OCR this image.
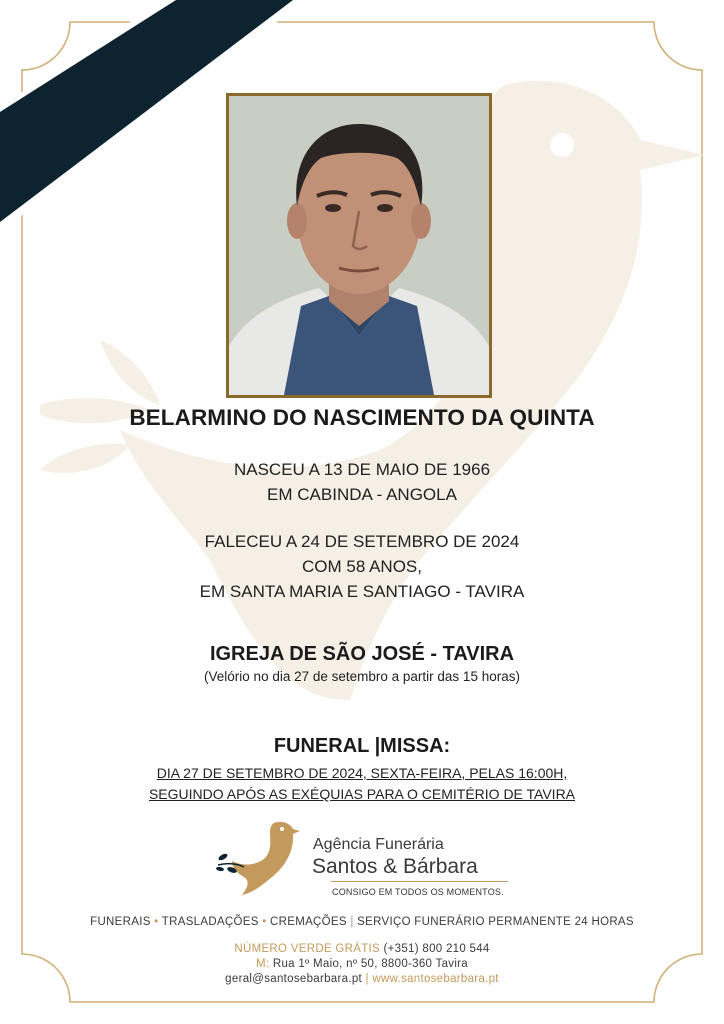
BELARMINO DO NASCIMENTO DA QUINTA
NASCEU A 13 DE MAIO DE 1966
EM CABINDA - ANGOLA
FALECEU A 24 DE SETEMBRO DE 2024
COM 58 ANOS,
EM SANTA MARIA E SANTIAGO - TAVIRA
IGREJA DE SÃO JOSÉ - TAVIRA
(Velório no dia 27 de setembro a partir das 15 horas)
FUNERAL |MISSA:
DIA 27 DE SETEMBRO DE 2024, SEXTA-FEIRA, PELAS 16:00H,
SEGUINDO APÓS AS EXÉQUIAS PARA O CEMITÉRIO DE TAVIRA
Agência Funerária
Santos & Bárbara
CONSIGO EM TODOS OS MOMENTOS.
FUNERAIS • TRASLADAÇÕES • CREMAÇÕES | SERVIÇO FUNERÁRIO PERMANENTE 24 HORAS
NÚMERO VERDE GRÁTIS (+351) 800 210 544
M: Rua 1º Maio, nº 50, 8800-360 Tavira
geral@santosebarbara.pt | www.santosebarbara.pt
